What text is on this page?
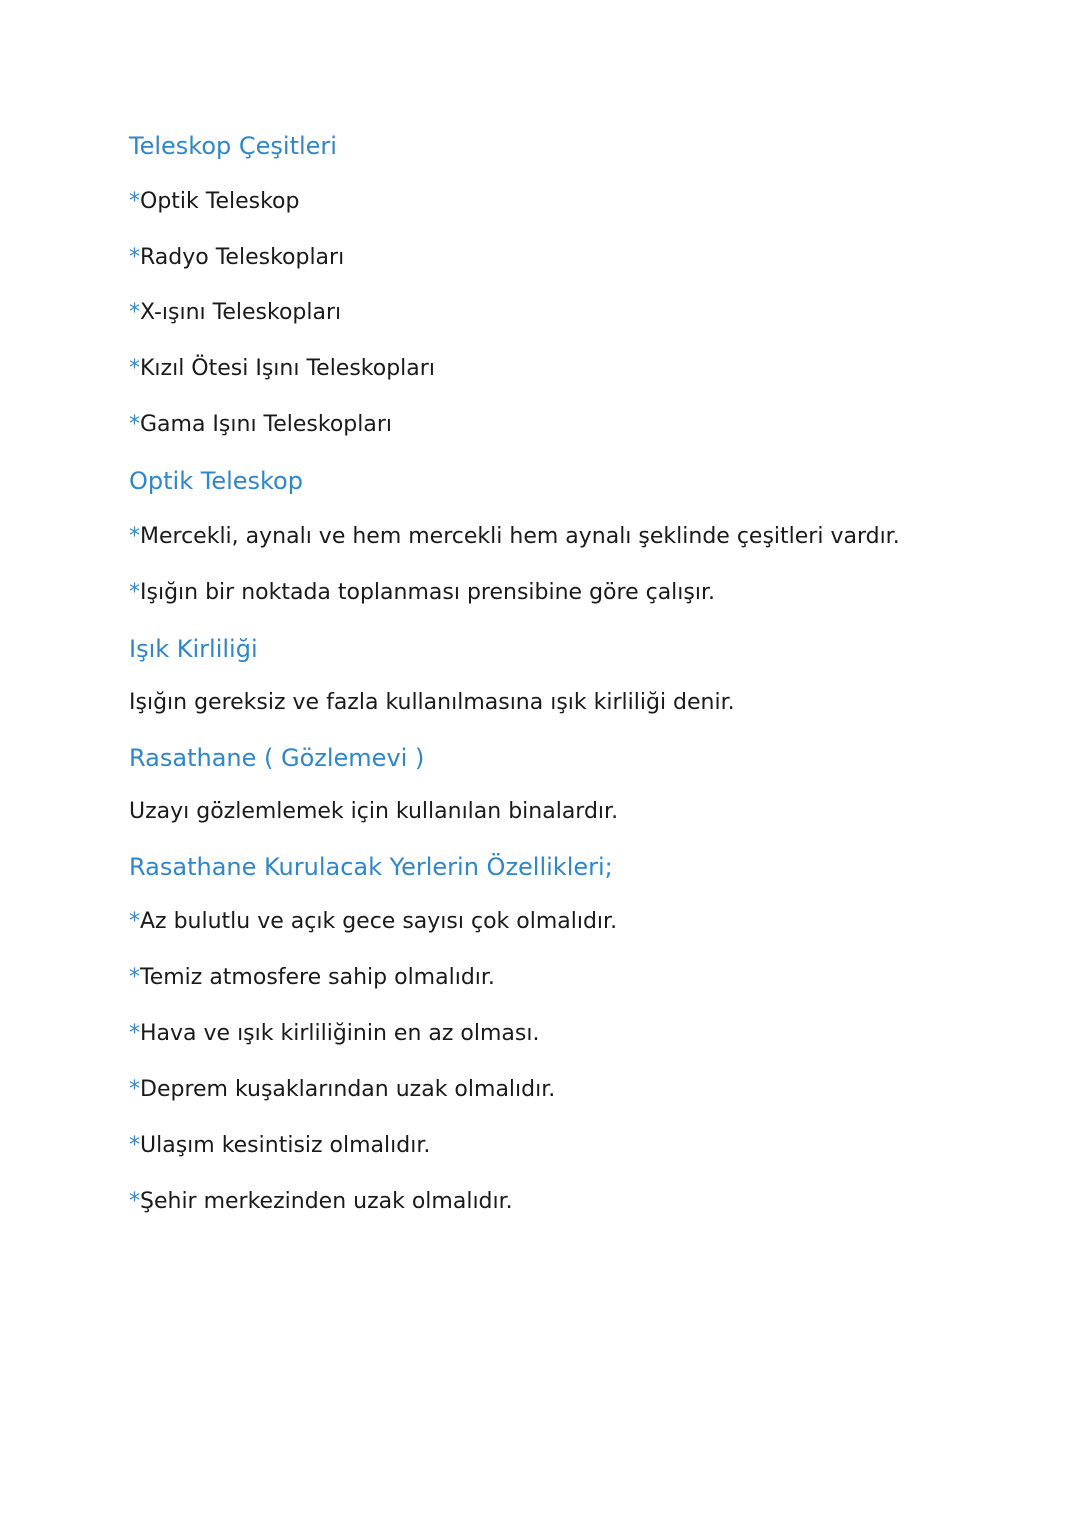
Teleskop Çeşitleri
*Optik Teleskop
*Radyo Teleskopları
*X-ışını Teleskopları
*Kızıl Ötesi Işını Teleskopları
*Gama Işını Teleskopları
Optik Teleskop
*Mercekli, aynalı ve hem mercekli hem aynalı şeklinde çeşitleri vardır.
*Işığın bir noktada toplanması prensibine göre çalışır.
Işık Kirliliği
Işığın gereksiz ve fazla kullanılmasına ışık kirliliği denir.
Rasathane ( Gözlemevi )
Uzayı gözlemlemek için kullanılan binalardır.
Rasathane Kurulacak Yerlerin Özellikleri;
*Az bulutlu ve açık gece sayısı çok olmalıdır.
*Temiz atmosfere sahip olmalıdır.
*Hava ve ışık kirliliğinin en az olması.
*Deprem kuşaklarından uzak olmalıdır.
*Ulaşım kesintisiz olmalıdır.
*Şehir merkezinden uzak olmalıdır.
